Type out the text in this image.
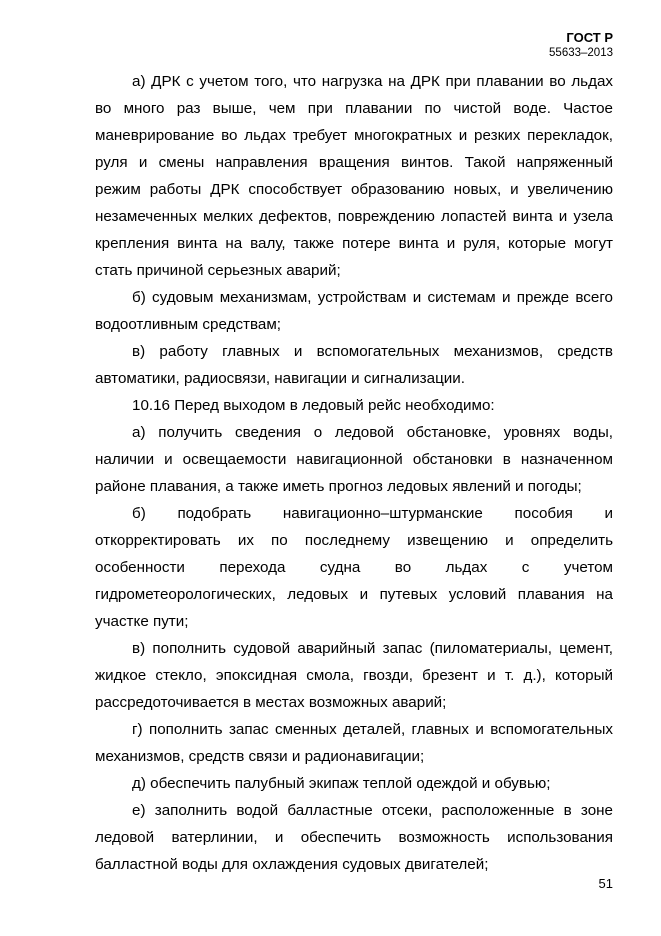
ГОСТ Р
55633–2013

а) ДРК с учетом того, что нагрузка на ДРК при плавании во льдах во много раз выше, чем при плавании по чистой воде. Частое маневрирование во льдах требует многократных и резких перекладок, руля и смены направления вращения винтов. Такой напряженный режим работы ДРК способствует образованию новых, и увеличению незамеченных мелких дефектов, повреждению лопастей винта и узела крепления винта на валу, также потере винта и руля, которые могут стать причиной серьезных аварий;

б) судовым механизмам, устройствам и системам и прежде всего водоотливным средствам;

в) работу главных и вспомогательных механизмов, средств автоматики, радиосвязи, навигации и сигнализации.

10.16 Перед выходом в ледовый рейс необходимо:

а) получить сведения о ледовой обстановке, уровнях воды, наличии и освещаемости навигационной обстановки в назначенном районе плавания, а также иметь прогноз ледовых явлений и погоды;

б) подобрать навигационно–штурманские пособия и откорректировать их по последнему извещению и определить особенности перехода судна во льдах с учетом гидрометеорологических, ледовых и путевых условий плавания на участке пути;

в) пополнить судовой аварийный запас (пиломатериалы, цемент, жидкое стекло, эпоксидная смола, гвозди, брезент и т. д.), который рассредоточивается в местах возможных аварий;

г) пополнить запас сменных деталей, главных и вспомогательных механизмов, средств связи и радионавигации;

д) обеспечить палубный экипаж теплой одеждой и обувью;

е) заполнить водой балластные отсеки, расположенные в зоне ледовой ватерлинии, и обеспечить возможность использования балластной воды для охлаждения судовых двигателей;

51
